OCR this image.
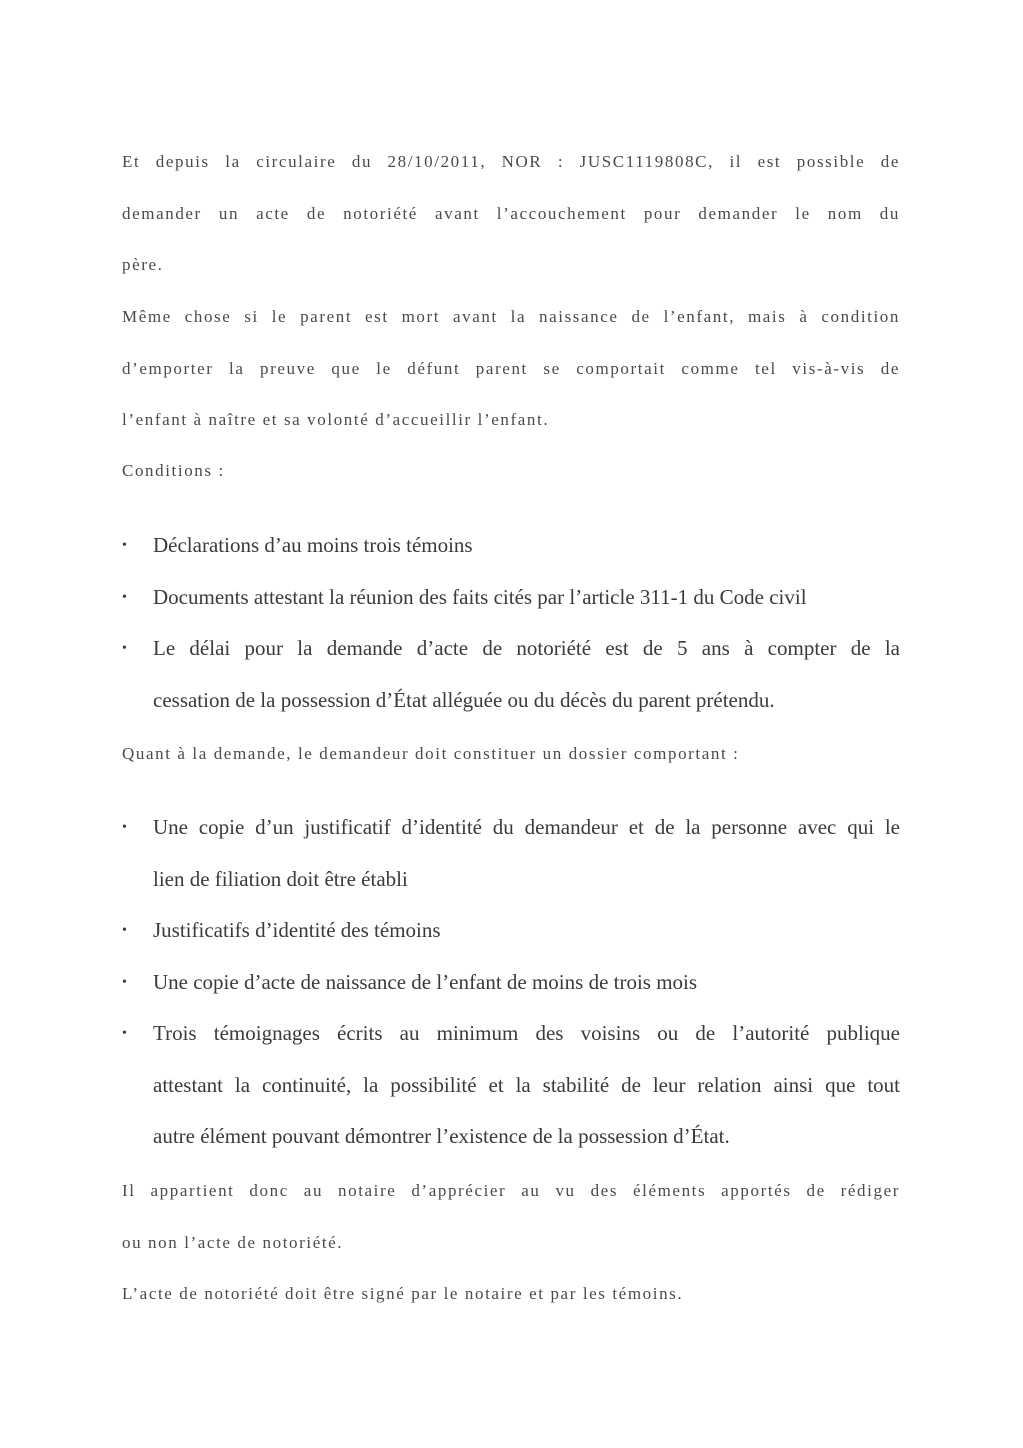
Et depuis la circulaire du 28/10/2011, NOR : JUSC1119808C, il est possible de
demander un acte de notoriété avant l’accouchement pour demander le nom du
père.
Même chose si le parent est mort avant la naissance de l’enfant, mais à condition
d’emporter la preuve que le défunt parent se comportait comme tel vis-à-vis de
l’enfant à naître et sa volonté d’accueillir l’enfant.
Conditions :
• Déclarations d’au moins trois témoins
• Documents attestant la réunion des faits cités par l’article 311-1 du Code civil
• Le délai pour la demande d’acte de notoriété est de 5 ans à compter de la
cessation de la possession d’État alléguée ou du décès du parent prétendu.
Quant à la demande, le demandeur doit constituer un dossier comportant :
• Une copie d’un justificatif d’identité du demandeur et de la personne avec qui le
lien de filiation doit être établi
• Justificatifs d’identité des témoins
• Une copie d’acte de naissance de l’enfant de moins de trois mois
• Trois témoignages écrits au minimum des voisins ou de l’autorité publique
attestant la continuité, la possibilité et la stabilité de leur relation ainsi que tout
autre élément pouvant démontrer l’existence de la possession d’État.
Il appartient donc au notaire d’apprécier au vu des éléments apportés de rédiger
ou non l’acte de notoriété.
L’acte de notoriété doit être signé par le notaire et par les témoins.
